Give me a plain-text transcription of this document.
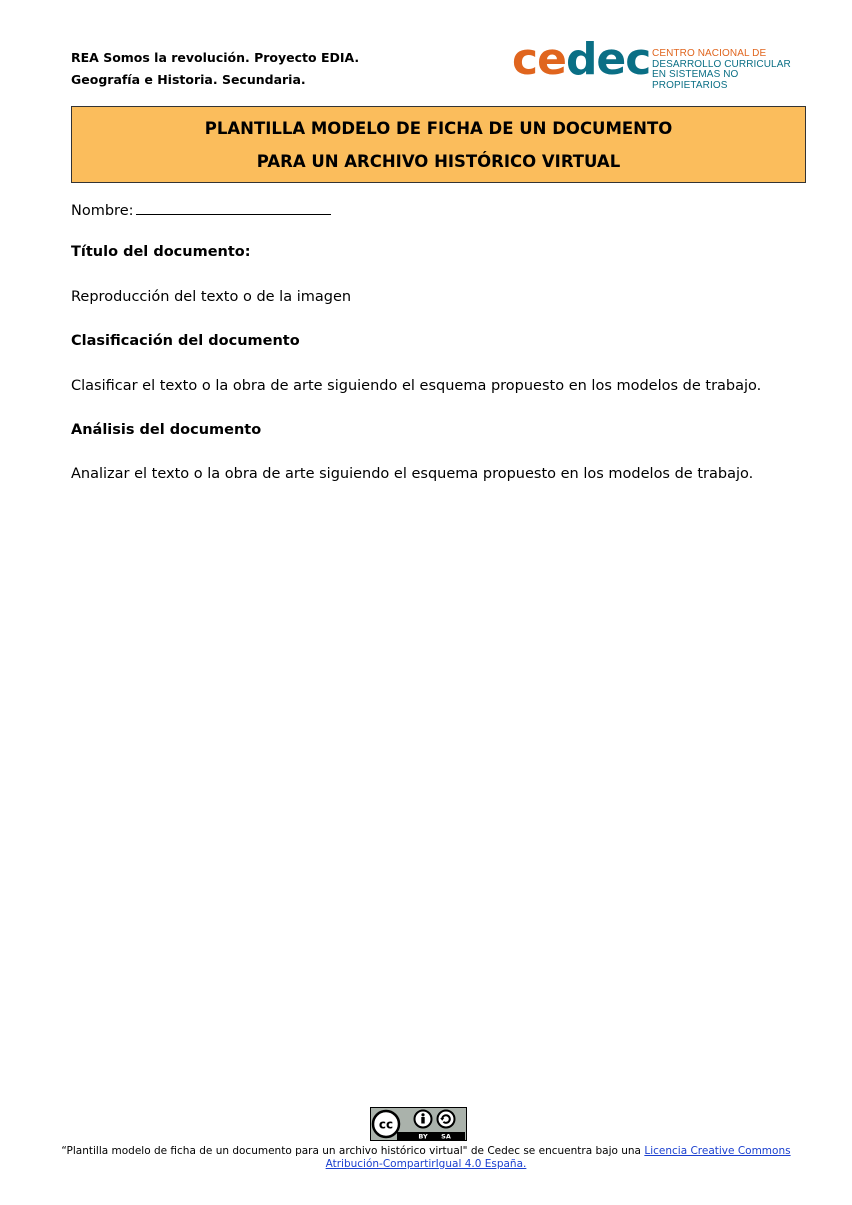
REA Somos la revolución. Proyecto EDIA.
Geografía e Historia. Secundaria.	cedec CENTRO NACIONAL DE
DESARROLLO CURRICULAR
EN SISTEMAS NO PROPIETARIOS
PLANTILLA MODELO DE FICHA DE UN DOCUMENTO
PARA UN ARCHIVO HISTÓRICO VIRTUAL
Nombre:
Título del documento:
Reproducción del texto o de la imagen
Clasificación del documento
Clasificar el texto o la obra de arte siguiendo el esquema propuesto en los modelos de trabajo.
Análisis del documento
Analizar el texto o la obra de arte siguiendo el esquema propuesto en los modelos de trabajo.
cc
BY SA
“Plantilla modelo de ficha de un documento para un archivo histórico virtual" de Cedec se encuentra bajo una Licencia Creative Commons
Atribución-CompartirIgual 4.0 España.
